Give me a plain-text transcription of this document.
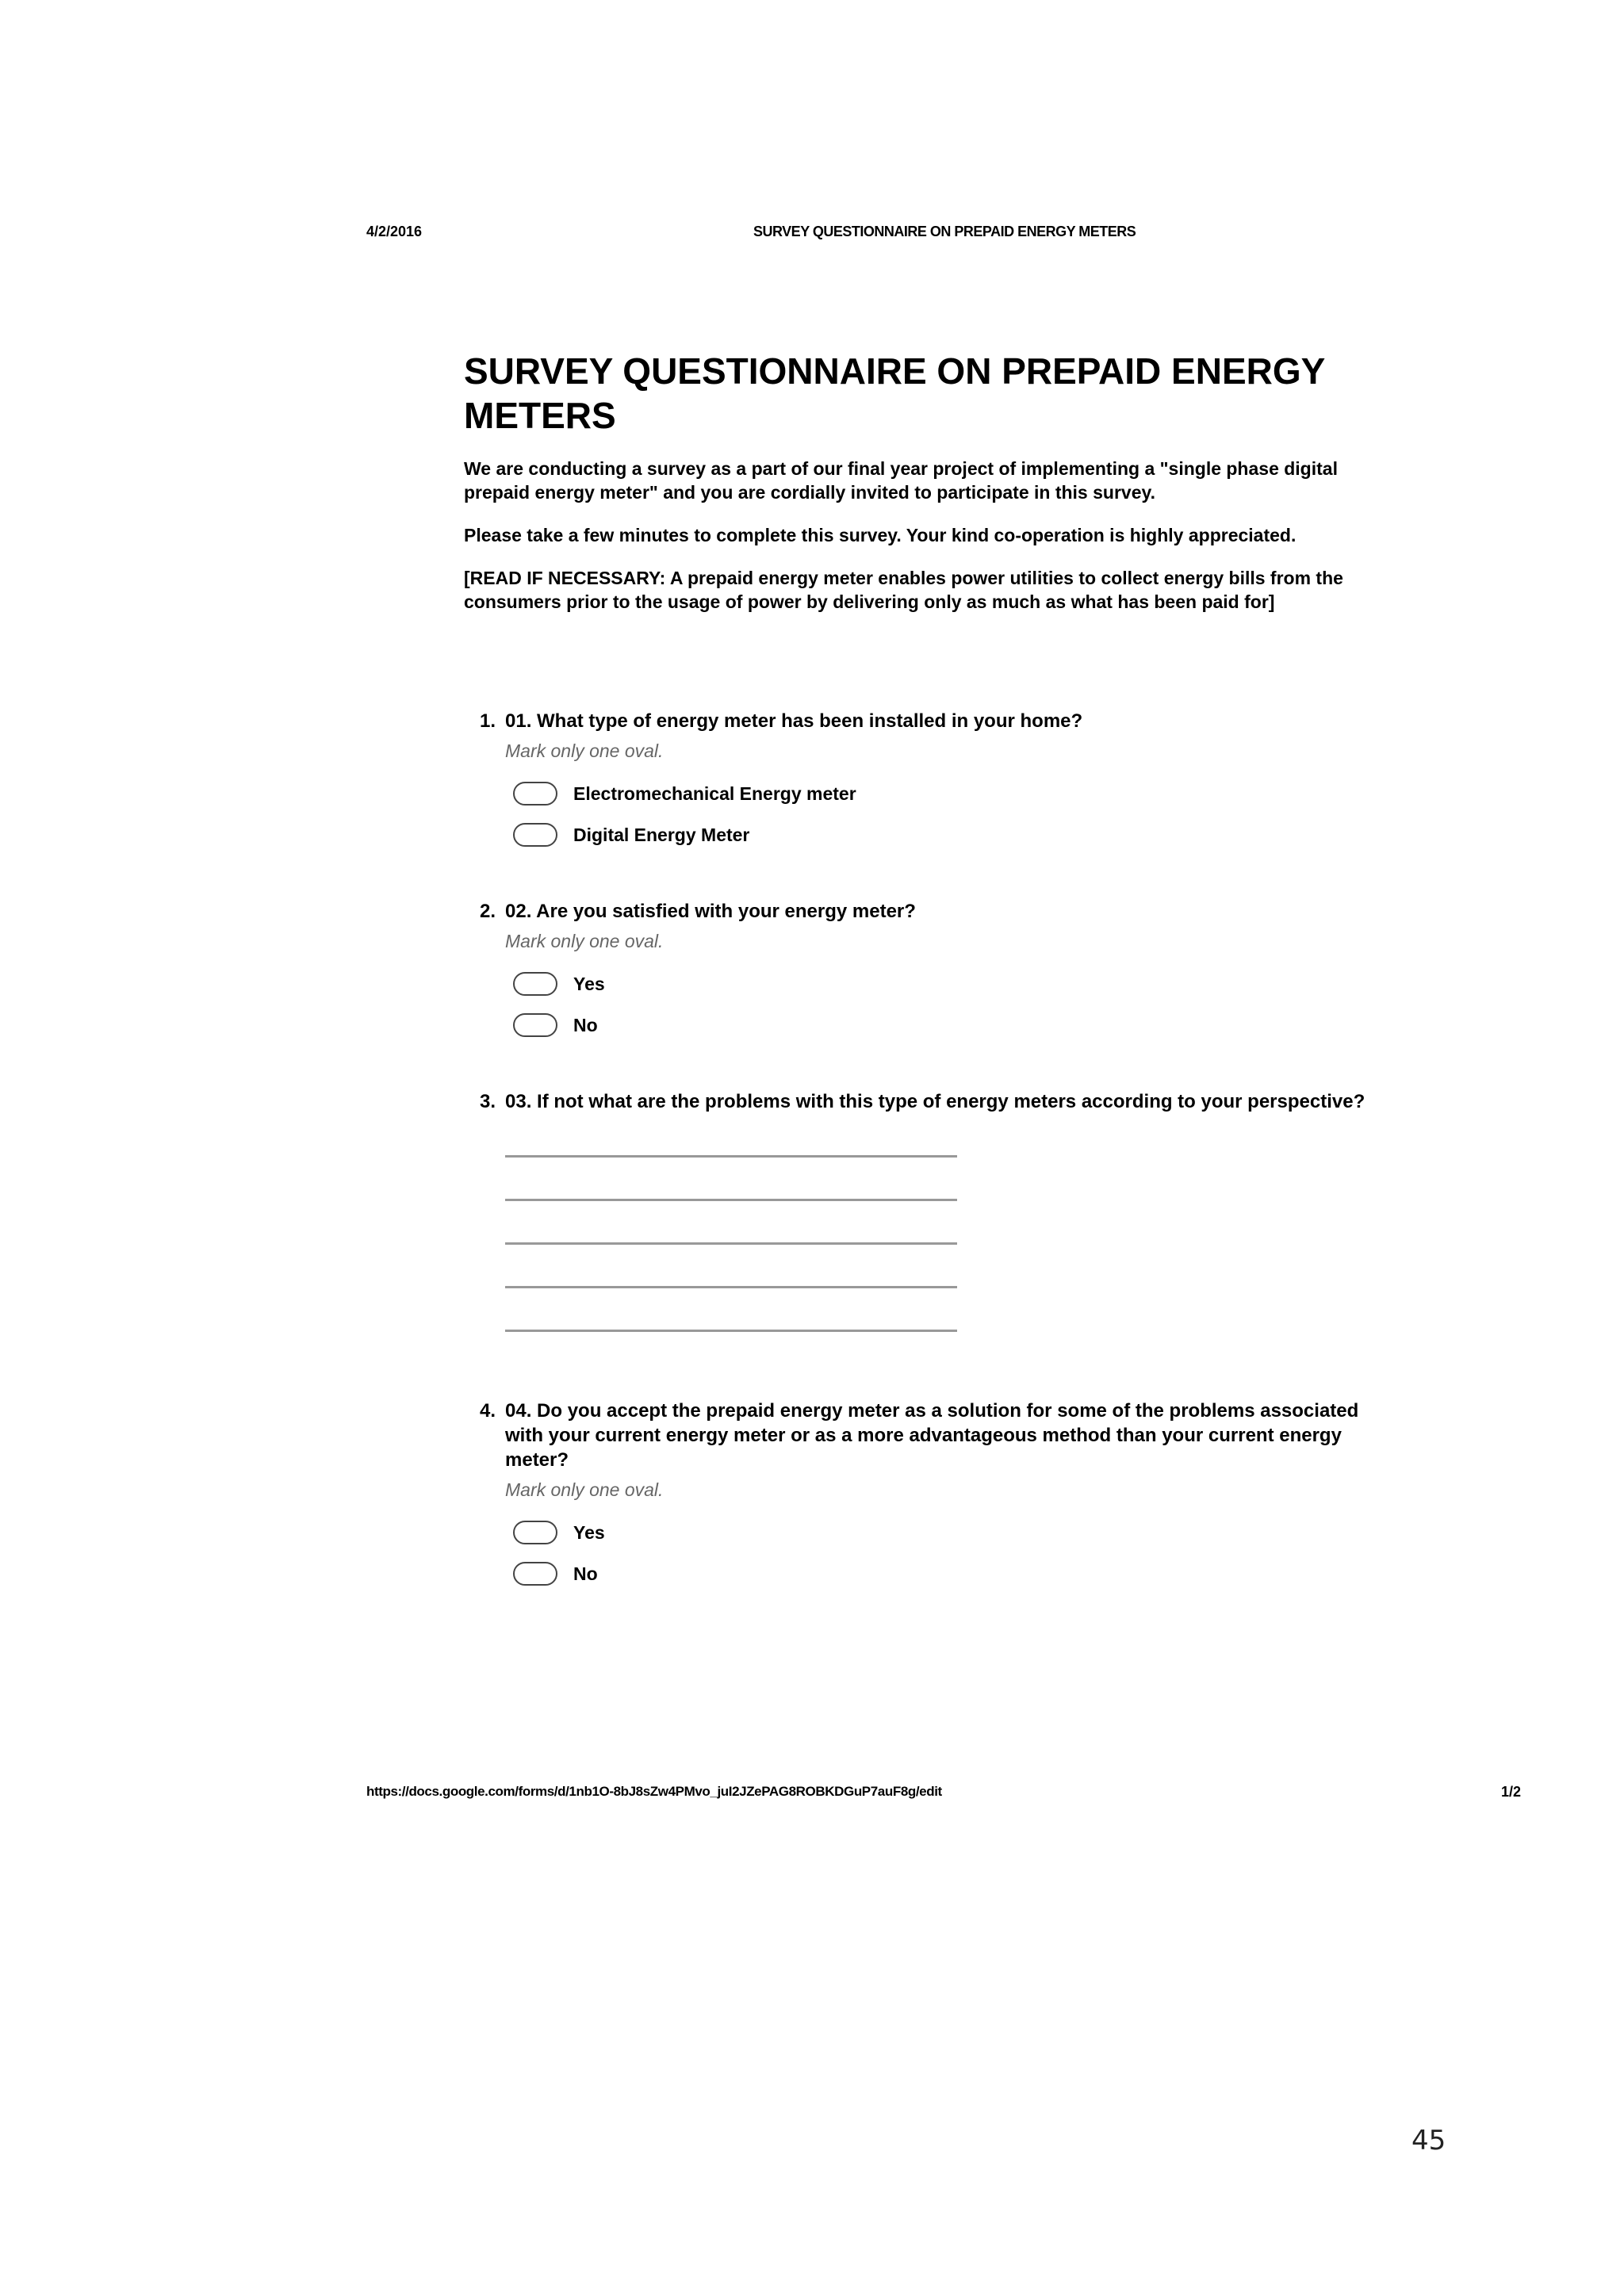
4/2/2016	SURVEY QUESTIONNAIRE ON PREPAID ENERGY METERS
SURVEY QUESTIONNAIRE ON PREPAID ENERGY METERS

We are conducting a survey as a part of our final year project of implementing a "single phase digital prepaid energy meter" and you are cordially invited to participate in this survey.

Please take a few minutes to complete this survey. Your kind co-operation is highly appreciated.

[READ IF NECESSARY: A prepaid energy meter enables power utilities to collect energy bills from the consumers prior to the usage of power by delivering only as much as what has been paid for]

1. 01. What type of energy meter has been installed in your home?
Mark only one oval.
Electromechanical Energy meter
Digital Energy Meter
2. 02. Are you satisfied with your energy meter?
Mark only one oval.
Yes
No
3. 03. If not what are the problems with this type of energy meters according to your perspective?
4. 04. Do you accept the prepaid energy meter as a solution for some of the problems associated with your current energy meter or as a more advantageous method than your current energy meter?
Mark only one oval.
Yes
No
https://docs.google.com/forms/d/1nb1O-8bJ8sZw4PMvo_juI2JZePAG8ROBKDGuP7auF8g/edit	1/2
45
